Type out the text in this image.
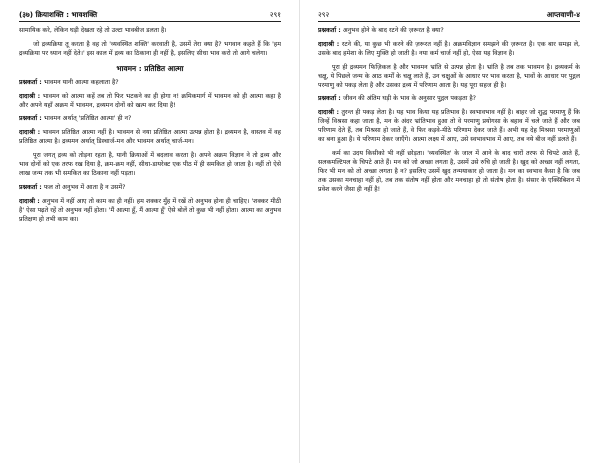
(३७) क्रियाशक्ति : भावशक्ति	२९१

सामायिक करे, लेकिन घड़ी देखता रहे तो उल्टा भावबीज डलता है।

जो द्रव्यक्रिया तू करता है वह तो 'व्यवस्थित शक्ति' करवाती है, उसमें तेरा क्या है? भगवान कहते हैं कि 'हम द्रव्यक्रिया पर ध्यान नहीं देते।' इस काल में द्रव्य का ठिकाना ही नहीं है, इसलिए सीधा भाव करो तो आगे चलेगा।

भावमन : प्रतिष्ठित आत्मा

प्रश्नकर्ता : भावमन यानी आत्मा कहलाता है?

दादाश्री : भावमन को आत्मा कहें तब तो फिर भटकने का ही होगा न! क्रमिकमार्ग में भावमन को ही आत्मा कहा है और अपने यहाँ अक्रम में भावमन, द्रव्यमन दोनों को खत्म कर दिया है!

प्रश्नकर्ता : भावमन अर्थात् 'प्रतिष्ठित आत्मा' ही न?

दादाश्री : भावमन प्रतिष्ठित आत्मा नहीं है। भावमन से नया प्रतिष्ठित आत्मा उत्पन्न होता है। द्रव्यमन है, वास्तव में वह प्रतिष्ठित आत्मा है। द्रव्यमन अर्थात् डिस्चार्ज-मन और भावमन अर्थात् चार्ज-मन।

पूरा जगत् द्रव्य को तोड़ना रहता है, यानी क्रियाओं में बदलाव करता है। अपने अक्रम विज्ञान ने तो द्रव्य और भाव दोनों को एक तरफ रख दिया है, क्रम-क्रम नहीं, सीधा-डायरेक्ट एक पीठ में ही समकित हो जाता है। नहीं तो ऐसे लाख जन्म तक भी समकित का ठिकाना नहीं पड़ता।

प्रश्नकर्ता : फल तो अनुभव में आता है न उसमें?

दादाश्री : अनुभव में नहीं आए तो काम का ही नहीं। हम शक्कर मुँह में रखें तो अनुभव होना ही चाहिए। 'शक्कर मीठी है' ऐसा पढ़ते रहें तो अनुभव नहीं होता। 'मैं आत्मा हूँ, मैं आत्मा हूँ' ऐसे बोलें तो कुछ भी नहीं होता। आत्मा का अनुभव प्रतिक्षण हो तभी काम का।

२९२	आप्तवाणी-४

प्रश्नकर्ता : अनुभव होने के बाद रटने की ज़रूरत है क्या?

दादाश्री : रटने की, या कुछ भी करने की ज़रूरत नहीं है। अक्रमविज्ञान समझने की ज़रूरत है। एक बार समझ ले, उसके बाद हमेशा के लिए मुक्ति हो जाती है। नया कर्म चार्ज नहीं हो, ऐसा यह विज्ञान है।

पूरा ही द्रव्यमन फिज़िकल है और भावमन भ्रांति से उत्पन्न होता है। भ्रांति है तब तक भावमन है। द्रव्यकर्म के चक्षु, ये पिछले जन्म के आठ कर्मों के चक्षु लाते हैं, उन चक्षुओं के आधार पर भाव करता है, भावों के आधार पर पुद्गल परमाणु को पकड़ लेता है और उसका द्रव्य में परिणाम आता है। यह पूरा सहज ही है।

प्रश्नकर्ता : जीवन की अंतिम घड़ी के भाव के अनुसार पुद्गल पकड़ता है?

दादाश्री : तुरन्त ही पकड़ लेता है। यह भाव किया यह प्रतिभाव है। स्वभावभाव नहीं है। बाहर जो शुद्ध परमाणु हैं कि जिन्हें विश्रसा कहा जाता है, मन के अंदर भ्रांतिभाव हुआ तो वे परमाणु प्रयोगसा के बहाव में चले जाते हैं और जब परिणाम देते हैं, तब मिश्रसा हो जाते हैं, वे फिर कड़वे-मीठे परिणाम देकर जाते हैं। अभी यह देह मिश्रसा परमाणुओं का बना हुआ है। ये परिणाम देकर जाएँगे। आत्मा लक्ष्य में आए, उसे स्वभावभाव में आए, तब नये बीज नहीं डलते हैं।

कर्म का उदय किसीको भी नहीं छोड़ता। 'व्यवस्थित' के जाल में आने के बाद चारों तरफ से चिपटे आते हैं, सलकमल्टिपल के चिपटे आते हैं। मन को जो अच्छा लगता है, उसमें उसे रुचि हो जाती है। खुद को अच्छा नहीं लगता, फिर भी मन को तो अच्छा लगता है न? इसलिए उसमें खुद तन्मयाकार हो जाता है। मन का स्वभाव कैसा है कि जब तक उसका मनचाहा नहीं हो, तब तक संतोष नहीं होता और मनचाहा हो तो संतोष होता है। संसार के एक्सिबिशन में प्रवेश करने जैसा ही नहीं है!
